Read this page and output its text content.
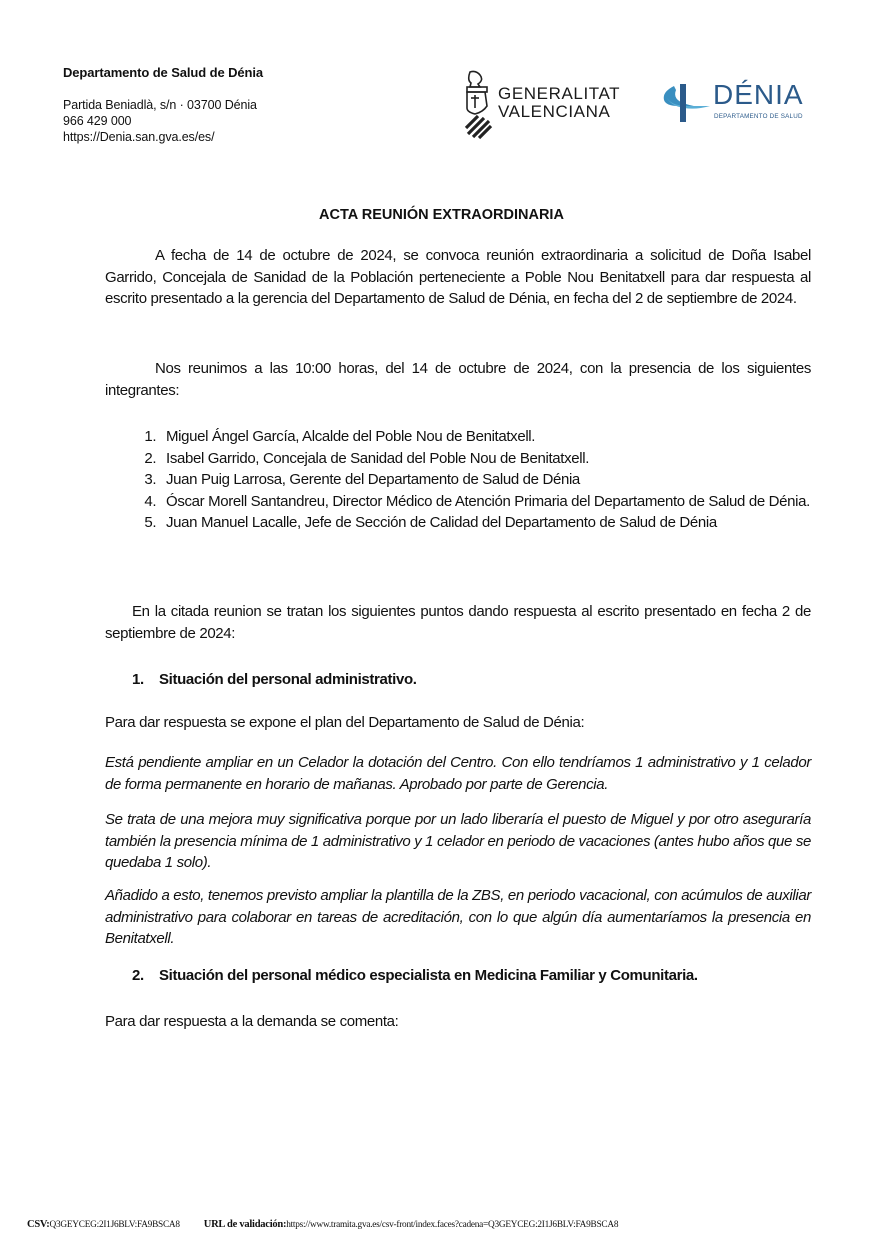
Departamento de Salud de Dénia
Partida Beniadlà, s/n · 03700 Dénia
966 429 000
https://Denia.san.gva.es/es/
GENERALITAT
VALENCIANA
DÉNIA
DEPARTAMENTO DE SALUD
ACTA REUNIÓN EXTRAORDINARIA
A fecha de 14 de octubre de 2024, se convoca reunión extraordinaria a solicitud de Doña Isabel Garrido, Concejala de Sanidad de la Población perteneciente a Poble Nou Benitatxell para dar respuesta al escrito presentado a la gerencia del Departamento de Salud de Dénia, en fecha del 2 de septiembre de 2024.
Nos reunimos a las 10:00 horas, del 14 de octubre de 2024, con la presencia de los siguientes integrantes:
1. Miguel Ángel García, Alcalde del Poble Nou de Benitatxell.
2. Isabel Garrido, Concejala de Sanidad del Poble Nou de Benitatxell.
3. Juan Puig Larrosa, Gerente del Departamento de Salud de Dénia
4. Óscar Morell Santandreu, Director Médico de Atención Primaria del Departamento de Salud de Dénia.
5. Juan Manuel Lacalle, Jefe de Sección de Calidad del Departamento de Salud de Dénia
En la citada reunion se tratan los siguientes puntos dando respuesta al escrito presentado en fecha 2 de septiembre de 2024:
1. Situación del personal administrativo.
Para dar respuesta se expone el plan del Departamento de Salud de Dénia:
Está pendiente ampliar en un Celador la dotación del Centro. Con ello tendríamos 1 administrativo y 1 celador de forma permanente en horario de mañanas. Aprobado por parte de Gerencia.
Se trata de una mejora muy significativa porque por un lado liberaría el puesto de Miguel y por otro aseguraría también la presencia mínima de 1 administrativo y 1 celador en periodo de vacaciones (antes hubo años que se quedaba 1 solo).
Añadido a esto, tenemos previsto ampliar la plantilla de la ZBS, en periodo vacacional, con acúmulos de auxiliar administrativo para colaborar en tareas de acreditación, con lo que algún día aumentaríamos la presencia en Benitatxell.
2. Situación del personal médico especialista en Medicina Familiar y Comunitaria.
Para dar respuesta a la demanda se comenta:
CSV:Q3GEYCEG:2I1J6BLV:FA9BSCA8 URL de validación:https://www.tramita.gva.es/csv-front/index.faces?cadena=Q3GEYCEG:2I1J6BLV:FA9BSCA8
